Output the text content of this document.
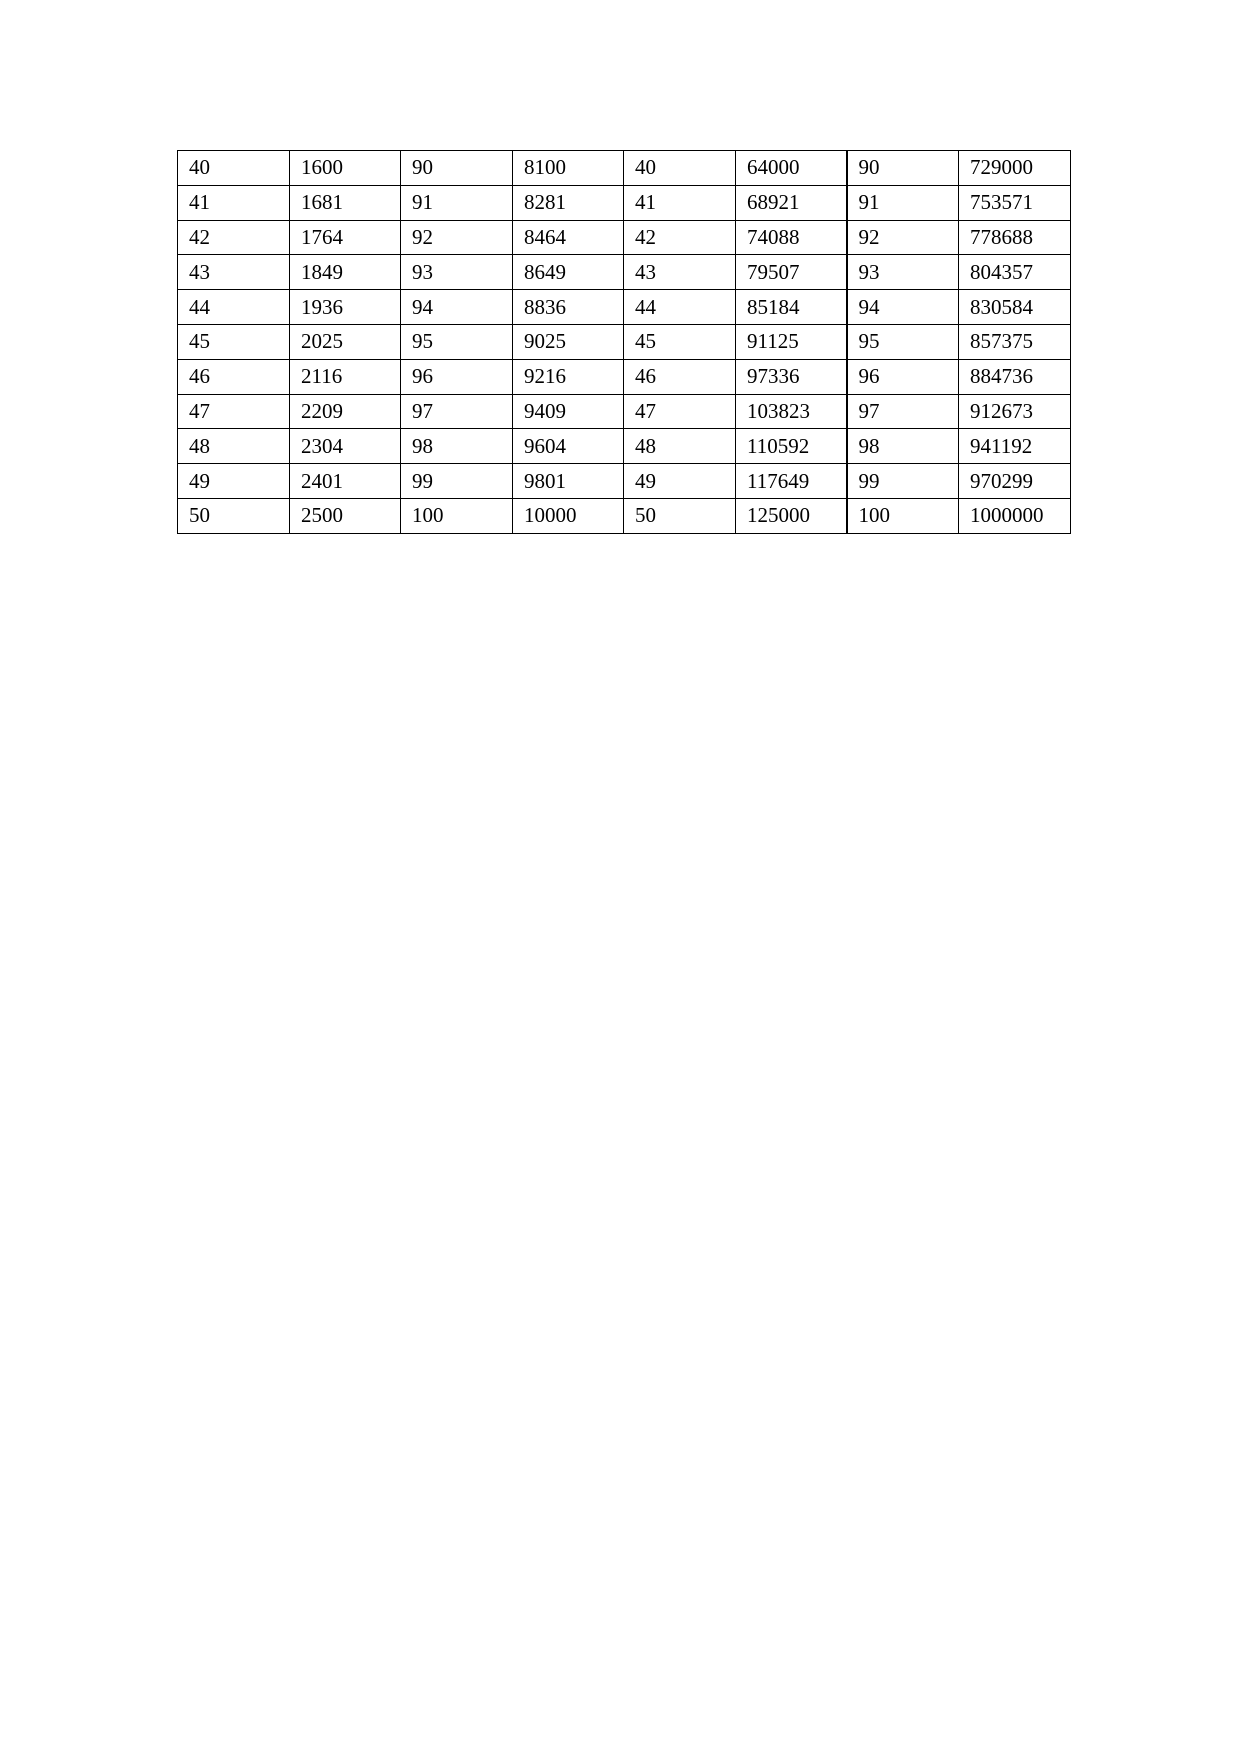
40	1600	90	8100	40	64000	90	729000
41	1681	91	8281	41	68921	91	753571
42	1764	92	8464	42	74088	92	778688
43	1849	93	8649	43	79507	93	804357
44	1936	94	8836	44	85184	94	830584
45	2025	95	9025	45	91125	95	857375
46	2116	96	9216	46	97336	96	884736
47	2209	97	9409	47	103823	97	912673
48	2304	98	9604	48	110592	98	941192
49	2401	99	9801	49	117649	99	970299
50	2500	100	10000	50	125000	100	1000000
